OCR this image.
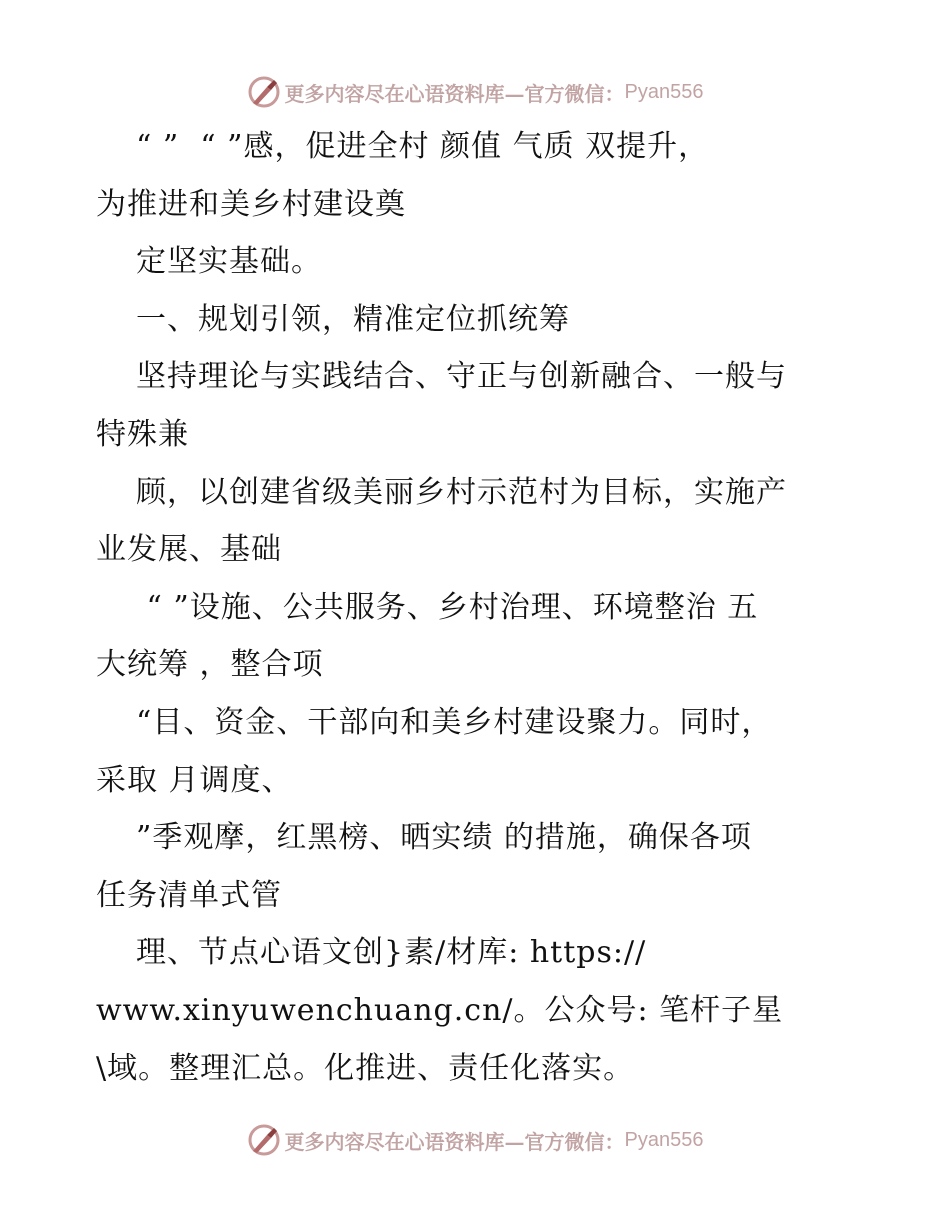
更多内容尽在心语资料库—官方微信： Pyan556
“ ”  “ ”感，促进全村 颜值 气质 双提升，
为推进和美乡村建设奠
定坚实基础。
一、规划引领，精准定位抓统筹
坚持理论与实践结合、守正与创新融合、一般与
特殊兼
顾，以创建省级美丽乡村示范村为目标，实施产
业发展、基础
“ ”设施、公共服务、乡村治理、环境整治 五
大统筹 ，整合项
“目、资金、干部向和美乡村建设聚力。同时，
采取 月调度、
”季观摩，红黑榜、晒实绩 的措施，确保各项
任务清单式管
理、节点心语文创}素/材库: https://
www.xinyuwenchuang.cn/。公众号: 笔杆子星
\域。整理汇总。化推进、责任化落实。
更多内容尽在心语资料库—官方微信： Pyan556
